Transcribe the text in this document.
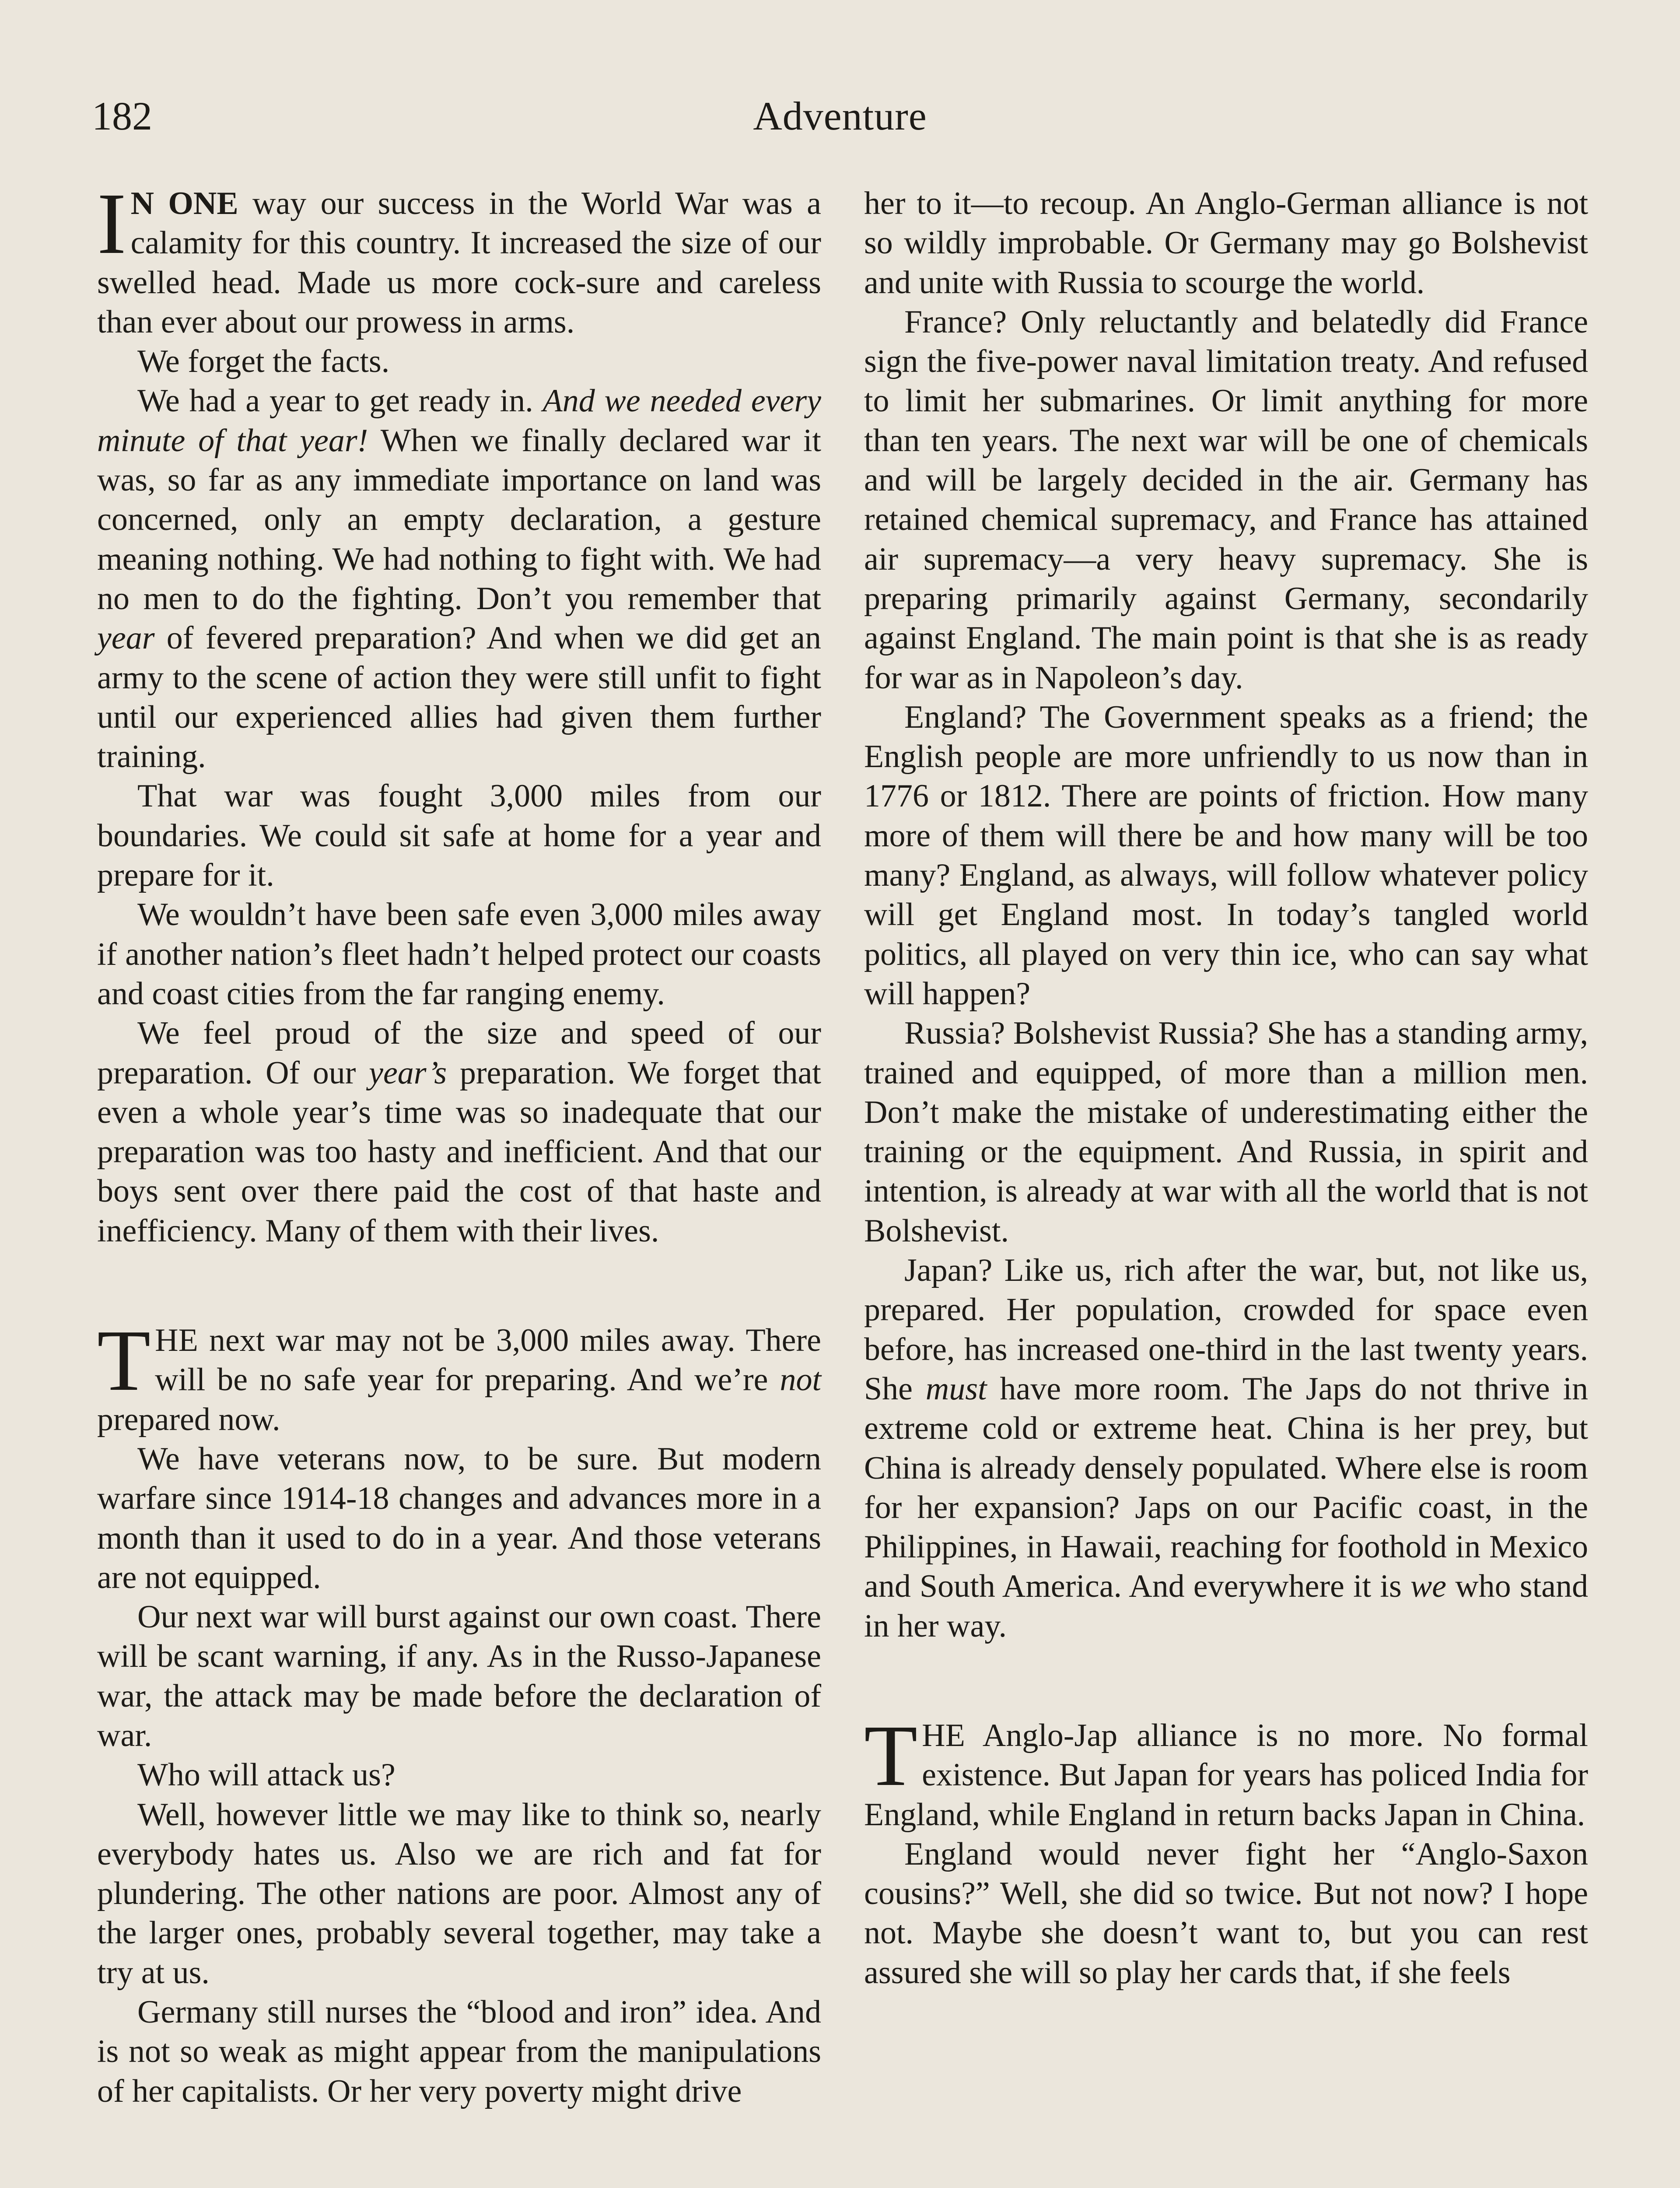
182	Adventure

I N ONE way our success in the World War was a calamity for this country. It increased the size of our swelled head. Made us more cock-sure and careless than ever about our prowess in arms.

We forget the facts.

We had a year to get ready in. And we needed every minute of that year! When we finally declared war it was, so far as any immediate importance on land was concerned, only an empty declaration, a gesture meaning nothing. We had nothing to fight with. We had no men to do the fighting. Don’t you remember that year of fevered preparation? And when we did get an army to the scene of action they were still unfit to fight until our experienced allies had given them further training.

That war was fought 3,000 miles from our boundaries. We could sit safe at home for a year and prepare for it.

We wouldn’t have been safe even 3,000 miles away if another nation’s fleet hadn’t helped protect our coasts and coast cities from the far ranging enemy.

We feel proud of the size and speed of our preparation. Of our year’s preparation. We forget that even a whole year’s time was so inadequate that our preparation was too hasty and inefficient. And that our boys sent over there paid the cost of that haste and inefficiency. Many of them with their lives.

THE next war may not be 3,000 miles away. There will be no safe year for preparing. And we’re not prepared now.

We have veterans now, to be sure. But modern warfare since 1914-18 changes and advances more in a month than it used to do in a year. And those veterans are not equipped.

Our next war will burst against our own coast. There will be scant warning, if any. As in the Russo-Japanese war, the attack may be made before the declaration of war.

Who will attack us?

Well, however little we may like to think so, nearly everybody hates us. Also we are rich and fat for plundering. The other nations are poor. Almost any of the larger ones, probably several together, may take a try at us.

Germany still nurses the “blood and iron” idea. And is not so weak as might appear from the manipulations of her capitalists. Or her very poverty might drive

her to it—to recoup. An Anglo-German alliance is not so wildly improbable. Or Germany may go Bolshevist and unite with Russia to scourge the world.

France? Only reluctantly and belatedly did France sign the five-power naval limitation treaty. And refused to limit her submarines. Or limit anything for more than ten years. The next war will be one of chemicals and will be largely decided in the air. Germany has retained chemical supremacy, and France has attained air supremacy—a very heavy supremacy. She is preparing primarily against Germany, secondarily against England. The main point is that she is as ready for war as in Napoleon’s day.

England? The Government speaks as a friend; the English people are more unfriendly to us now than in 1776 or 1812. There are points of friction. How many more of them will there be and how many will be too many? England, as always, will follow whatever policy will get England most. In today’s tangled world politics, all played on very thin ice, who can say what will happen?

Russia? Bolshevist Russia? She has a standing army, trained and equipped, of more than a million men. Don’t make the mistake of underestimating either the training or the equipment. And Russia, in spirit and intention, is already at war with all the world that is not Bolshevist.

Japan? Like us, rich after the war, but, not like us, prepared. Her population, crowded for space even before, has increased one-third in the last twenty years. She must have more room. The Japs do not thrive in extreme cold or extreme heat. China is her prey, but China is already densely populated. Where else is room for her expansion? Japs on our Pacific coast, in the Philippines, in Hawaii, reaching for foothold in Mexico and South America. And everywhere it is we who stand in her way.

THE Anglo-Jap alliance is no more. No formal existence. But Japan for years has policed India for England, while England in return backs Japan in China.

England would never fight her “Anglo-Saxon cousins?” Well, she did so twice. But not now? I hope not. Maybe she doesn’t want to, but you can rest assured she will so play her cards that, if she feels
